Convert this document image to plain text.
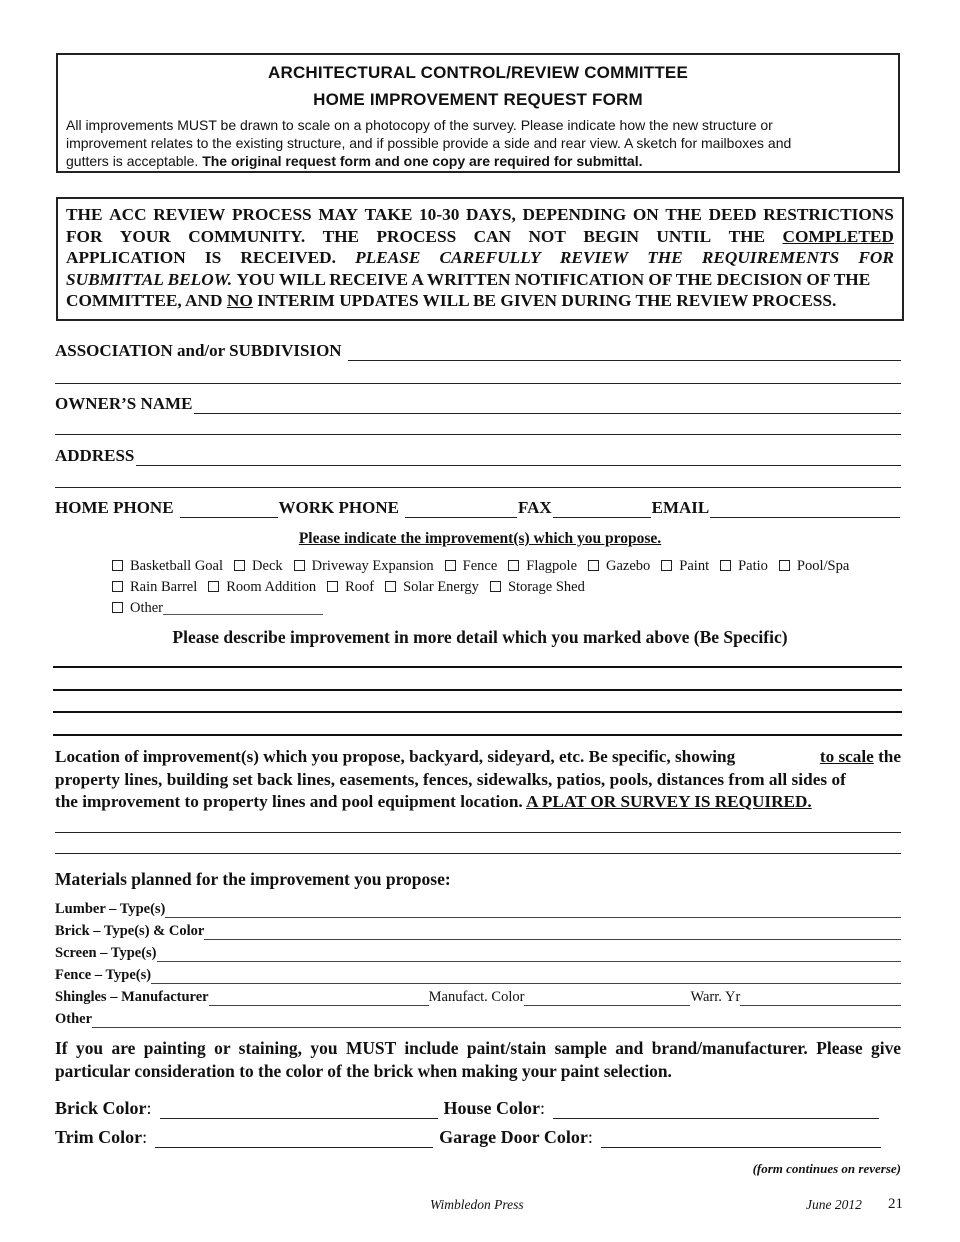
ARCHITECTURAL CONTROL/REVIEW COMMITTEE
HOME IMPROVEMENT REQUEST FORM
All improvements MUST be drawn to scale on a photocopy of the survey. Please indicate how the new structure or
improvement relates to the existing structure, and if possible provide a side and rear view. A sketch for mailboxes and
gutters is acceptable. The original request form and one copy are required for submittal.
THE ACC REVIEW PROCESS MAY TAKE 10-30 DAYS, DEPENDING ON THE DEED RESTRICTIONS
FOR YOUR COMMUNITY. THE PROCESS CAN NOT BEGIN UNTIL THE COMPLETED
APPLICATION IS RECEIVED. PLEASE CAREFULLY REVIEW THE REQUIREMENTS FOR
SUBMITTAL BELOW.
YOU WILL RECEIVE A WRITTEN NOTIFICATION OF THE DECISION OF THE
COMMITTEE, AND
NO
INTERIM UPDATES WILL BE GIVEN DURING THE REVIEW PROCESS.
ASSOCIATION and/or SUBDIVISION
OWNER’S NAME
ADDRESS
HOME PHONE	WORK PHONE	FAX	EMAIL
Please indicate the improvement(s) which you propose.
Basketball Goal Deck Driveway Expansion Fence Flagpole Gazebo Paint Patio Pool/Spa
Rain Barrel Room Addition Roof Solar Energy Storage Shed
Other
Please describe improvement in more detail which you marked above (Be Specific)
Location of improvement(s) which you propose, backyard, sideyard, etc. Be specific, showing	to scale the
property lines, building set back lines, easements, fences, sidewalks, patios, pools, distances from all sides of
the improvement to property lines and pool equipment location. A PLAT OR SURVEY IS REQUIRED.
Materials planned for the improvement you propose:
Lumber – Type(s)
Brick – Type(s) & Color
Screen – Type(s)
Fence – Type(s)
Shingles – Manufacturer	Manufact. Color	Warr. Yr
Other
If you are painting or staining, you MUST include paint/stain sample and brand/manufacturer. Please give
particular consideration to the color of the brick when making your paint selection.
Brick Color :	House Color :
Trim Color :	Garage Door Color :
(form continues on reverse)
Wimbledon Press	June 2012 21
